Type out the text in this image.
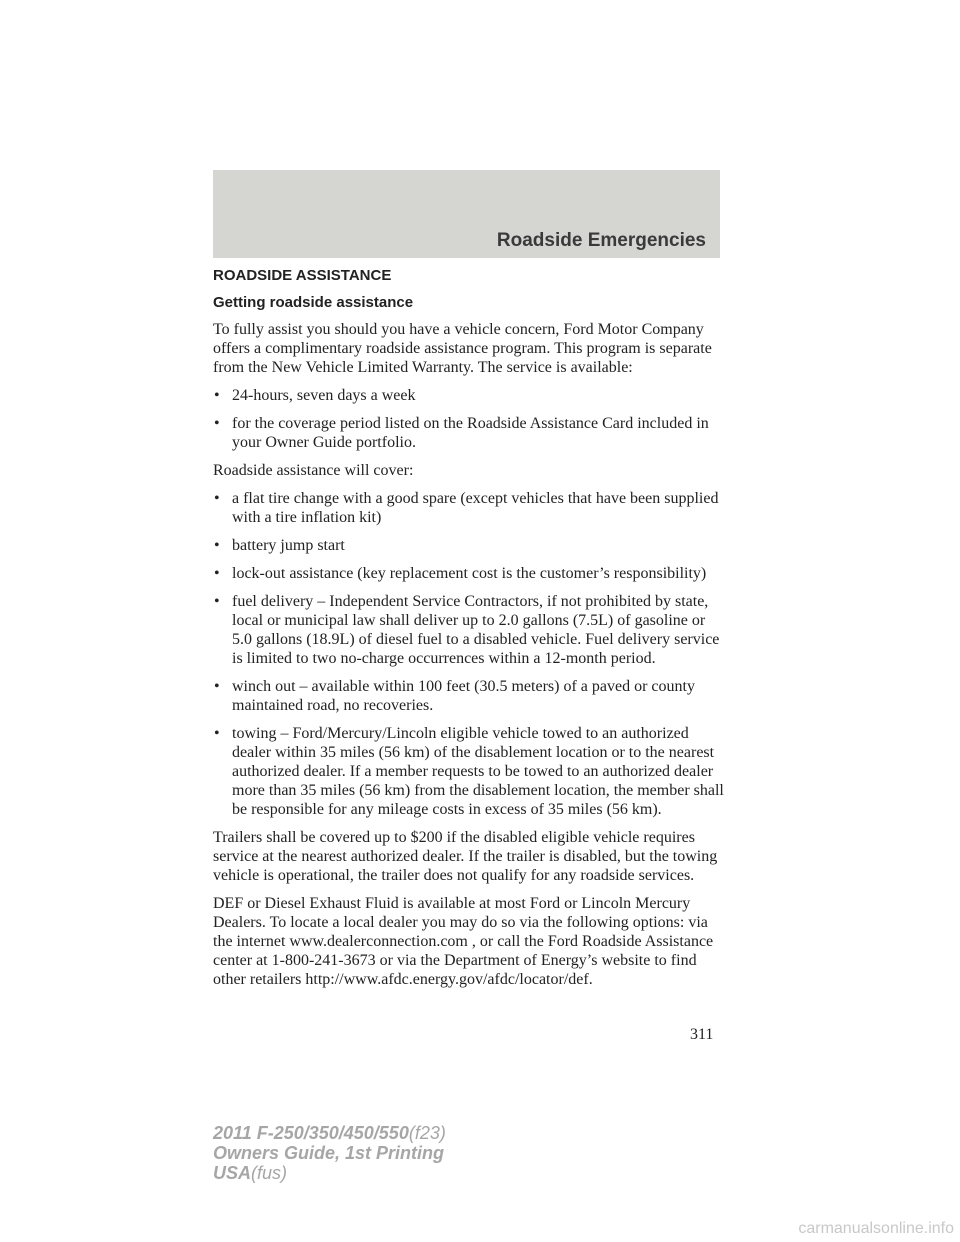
Roadside Emergencies
ROADSIDE ASSISTANCE
Getting roadside assistance

To fully assist you should you have a vehicle concern, Ford Motor Company offers a complimentary roadside assistance program. This program is separate from the New Vehicle Limited Warranty. The service is available:

• 24-hours, seven days a week
• for the coverage period listed on the Roadside Assistance Card included in your Owner Guide portfolio.

Roadside assistance will cover:

• a flat tire change with a good spare (except vehicles that have been supplied with a tire inflation kit)
• battery jump start
• lock-out assistance (key replacement cost is the customer’s responsibility)
• fuel delivery – Independent Service Contractors, if not prohibited by state, local or municipal law shall deliver up to 2.0 gallons (7.5L) of gasoline or 5.0 gallons (18.9L) of diesel fuel to a disabled vehicle. Fuel delivery service is limited to two no-charge occurrences within a 12-month period.
• winch out – available within 100 feet (30.5 meters) of a paved or county maintained road, no recoveries.
• towing – Ford/Mercury/Lincoln eligible vehicle towed to an authorized dealer within 35 miles (56 km) of the disablement location or to the nearest authorized dealer. If a member requests to be towed to an authorized dealer more than 35 miles (56 km) from the disablement location, the member shall be responsible for any mileage costs in excess of 35 miles (56 km).

Trailers shall be covered up to $200 if the disabled eligible vehicle requires service at the nearest authorized dealer. If the trailer is disabled, but the towing vehicle is operational, the trailer does not qualify for any roadside services.

DEF or Diesel Exhaust Fluid is available at most Ford or Lincoln Mercury Dealers. To locate a local dealer you may do so via the following options: via the internet www.dealerconnection.com , or call the Ford Roadside Assistance center at 1-800-241-3673 or via the Department of Energy’s website to find other retailers http://www.afdc.energy.gov/afdc/locator/def.

311
2011 F-250/350/450/550(f23)
Owners Guide, 1st Printing
USA(fus)
carmanualsonline.info
